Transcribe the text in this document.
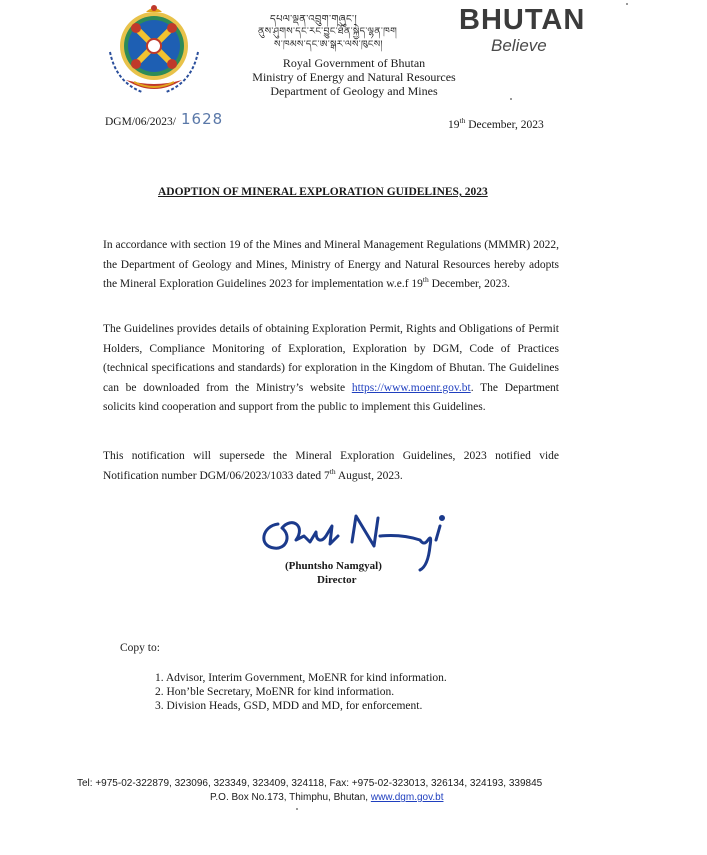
དཔལ་ལྡན་འབྲུག་གཞུང་།
ནུས་ཤུགས་དང་རང་བྱུང་ཐོན་སྐྱེད་ལྷན་ཁག
ས་ཁམས་དང་ཨ་སྒར་ལས་ཁུངས།
Royal Government of Bhutan
Ministry of Energy and Natural Resources
Department of Geology and Mines
BHUTAN
Believe
DGM/06/2023/ 1628	19th December, 2023
ADOPTION OF MINERAL EXPLORATION GUIDELINES, 2023
In accordance with section 19 of the Mines and Mineral Management Regulations (MMMR) 2022, the Department of Geology and Mines, Ministry of Energy and Natural Resources hereby adopts the Mineral Exploration Guidelines 2023 for implementation w.e.f 19th December, 2023.
The Guidelines provides details of obtaining Exploration Permit, Rights and Obligations of Permit Holders, Compliance Monitoring of Exploration, Exploration by DGM, Code of Practices (technical specifications and standards) for exploration in the Kingdom of Bhutan. The Guidelines can be downloaded from the Ministry’s website https://www.moenr.gov.bt. The Department solicits kind cooperation and support from the public to implement this Guidelines.
This notification will supersede the Mineral Exploration Guidelines, 2023 notified vide Notification number DGM/06/2023/1033 dated 7th August, 2023.
(Phuntsho Namgyal)
Director
Copy to:
1. Advisor, Interim Government, MoENR for kind information.
2. Hon’ble Secretary, MoENR for kind information.
3. Division Heads, GSD, MDD and MD, for enforcement.
Tel: +975-02-322879, 323096, 323349, 323409, 324118, Fax: +975-02-323013, 326134, 324193, 339845
P.O. Box No.173, Thimphu, Bhutan, www.dgm.gov.bt
